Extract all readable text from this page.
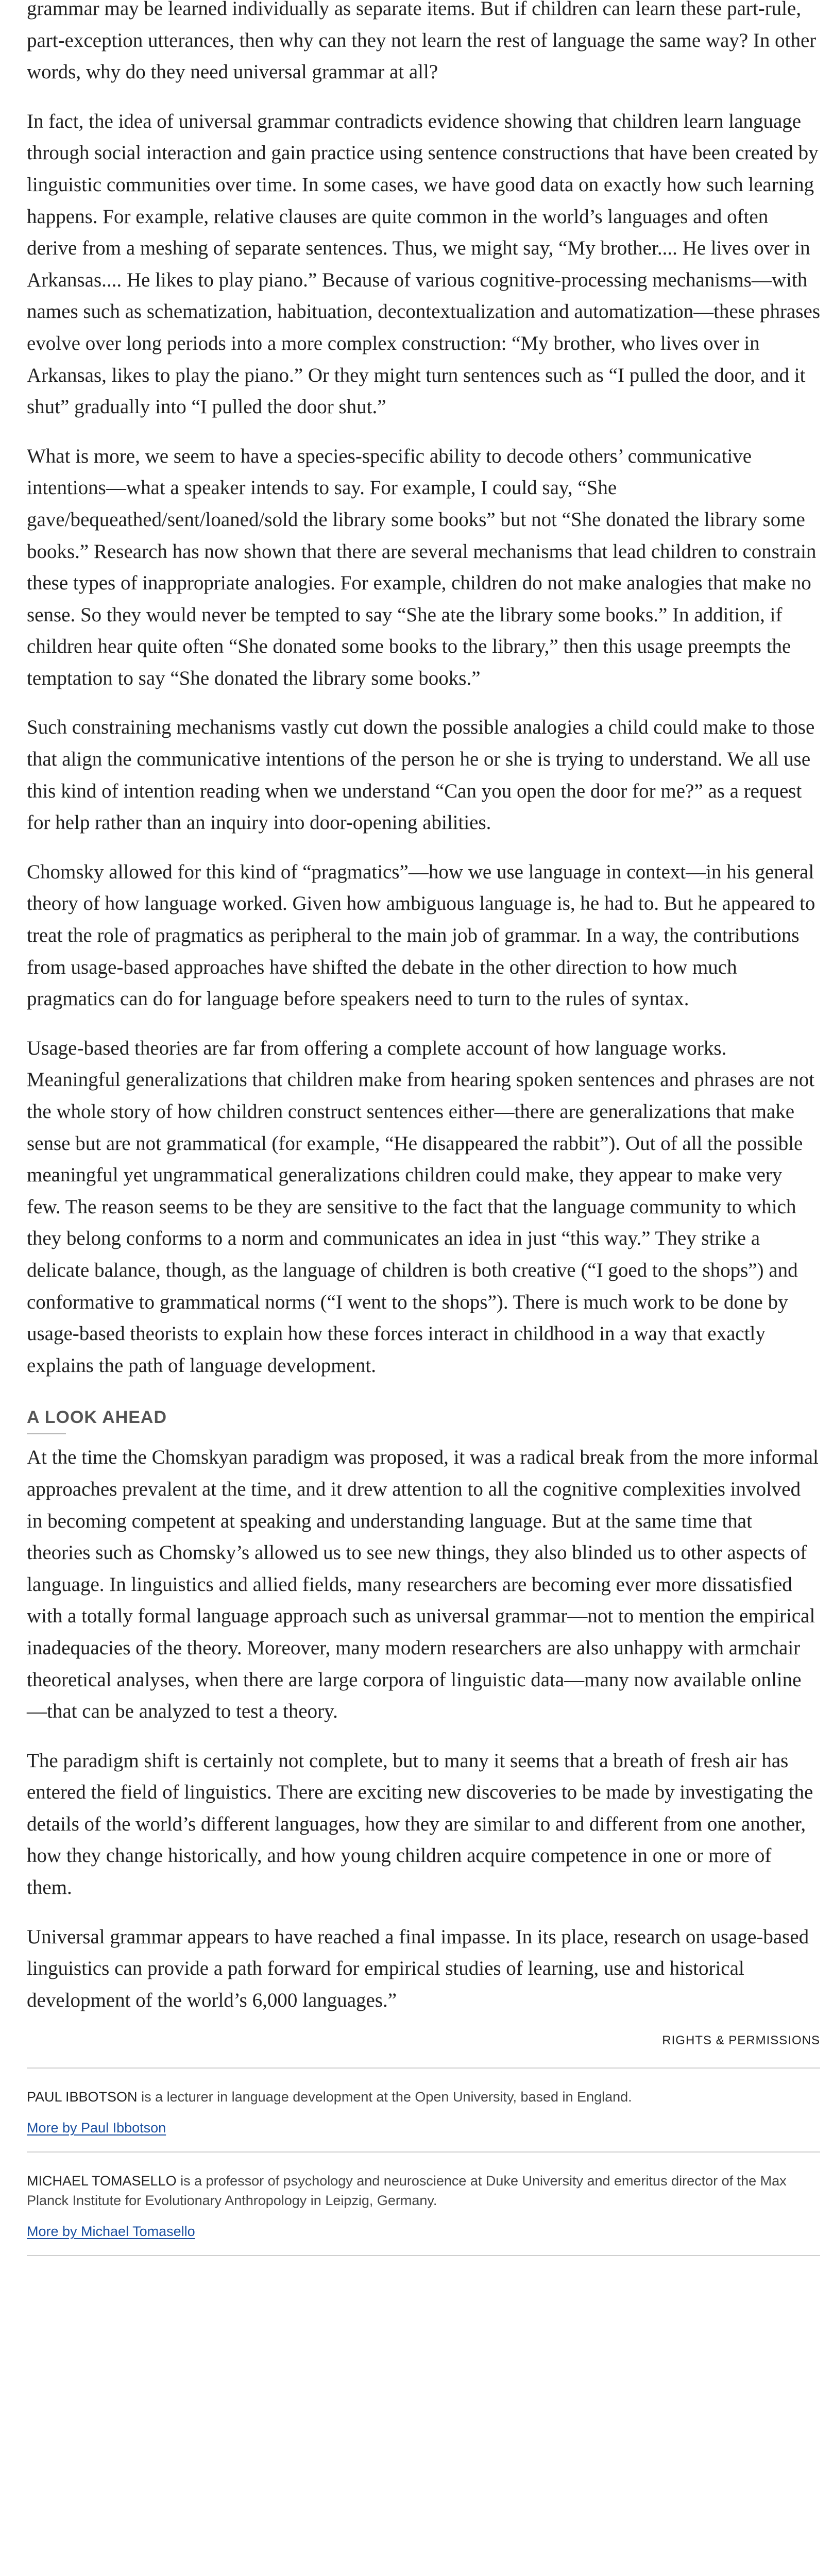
grammar may be learned individually as separate items. But if children can learn these part-rule, part-exception utterances, then why can they not learn the rest of language the same way? In other words, why do they need universal grammar at all?

In fact, the idea of universal grammar contradicts evidence showing that children learn language through social interaction and gain practice using sentence constructions that have been created by linguistic communities over time. In some cases, we have good data on exactly how such learning happens. For example, relative clauses are quite common in the world’s languages and often derive from a meshing of separate sentences. Thus, we might say, “My brother.... He lives over in Arkansas.... He likes to play piano.” Because of various cognitive-processing mechanisms—with names such as schematization, habituation, decontextualization and automatization—these phrases evolve over long periods into a more complex construction: “My brother, who lives over in Arkansas, likes to play the piano.” Or they might turn sentences such as “I pulled the door, and it shut” gradually into “I pulled the door shut.”

What is more, we seem to have a species-specific ability to decode others’ communicative intentions—what a speaker intends to say. For example, I could say, “She gave/bequeathed/sent/loaned/sold the library some books” but not “She donated the library some books.” Research has now shown that there are several mechanisms that lead children to constrain these types of inappropriate analogies. For example, children do not make analogies that make no sense. So they would never be tempted to say “She ate the library some books.” In addition, if children hear quite often “She donated some books to the library,” then this usage preempts the temptation to say “She donated the library some books.”

Such constraining mechanisms vastly cut down the possible analogies a child could make to those that align the communicative intentions of the person he or she is trying to understand. We all use this kind of intention reading when we understand “Can you open the door for me?” as a request for help rather than an inquiry into door-opening abilities.

Chomsky allowed for this kind of “pragmatics”—how we use language in context—in his general theory of how language worked. Given how ambiguous language is, he had to. But he appeared to treat the role of pragmatics as peripheral to the main job of grammar. In a way, the contributions from usage-based approaches have shifted the debate in the other direction to how much pragmatics can do for language before speakers need to turn to the rules of syntax.

Usage-based theories are far from offering a complete account of how language works. Meaningful generalizations that children make from hearing spoken sentences and phrases are not the whole story of how children construct sentences either—there are generalizations that make sense but are not grammatical (for example, “He disappeared the rabbit”). Out of all the possible meaningful yet ungrammatical generalizations children could make, they appear to make very few. The reason seems to be they are sensitive to the fact that the language community to which they belong conforms to a norm and communicates an idea in just “this way.” They strike a delicate balance, though, as the language of children is both creative (“I goed to the shops”) and conformative to grammatical norms (“I went to the shops”). There is much work to be done by usage-based theorists to explain how these forces interact in childhood in a way that exactly explains the path of language development.

A LOOK AHEAD

At the time the Chomskyan paradigm was proposed, it was a radical break from the more informal approaches prevalent at the time, and it drew attention to all the cognitive complexities involved in becoming competent at speaking and understanding language. But at the same time that theories such as Chomsky’s allowed us to see new things, they also blinded us to other aspects of language. In linguistics and allied fields, many researchers are becoming ever more dissatisfied with a totally formal language approach such as universal grammar—not to mention the empirical inadequacies of the theory. Moreover, many modern researchers are also unhappy with armchair theoretical analyses, when there are large corpora of linguistic data—many now available online—that can be analyzed to test a theory.

The paradigm shift is certainly not complete, but to many it seems that a breath of fresh air has entered the field of linguistics. There are exciting new discoveries to be made by investigating the details of the world’s different languages, how they are similar to and different from one another, how they change historically, and how young children acquire competence in one or more of them.

Universal grammar appears to have reached a final impasse. In its place, research on usage-based linguistics can provide a path forward for empirical studies of learning, use and historical development of the world’s 6,000 languages.”

RIGHTS & PERMISSIONS

PAUL IBBOTSON is a lecturer in language development at the Open University, based in England.

More by Paul Ibbotson

MICHAEL TOMASELLO is a professor of psychology and neuroscience at Duke University and emeritus director of the Max Planck Institute for Evolutionary Anthropology in Leipzig, Germany.

More by Michael Tomasello
